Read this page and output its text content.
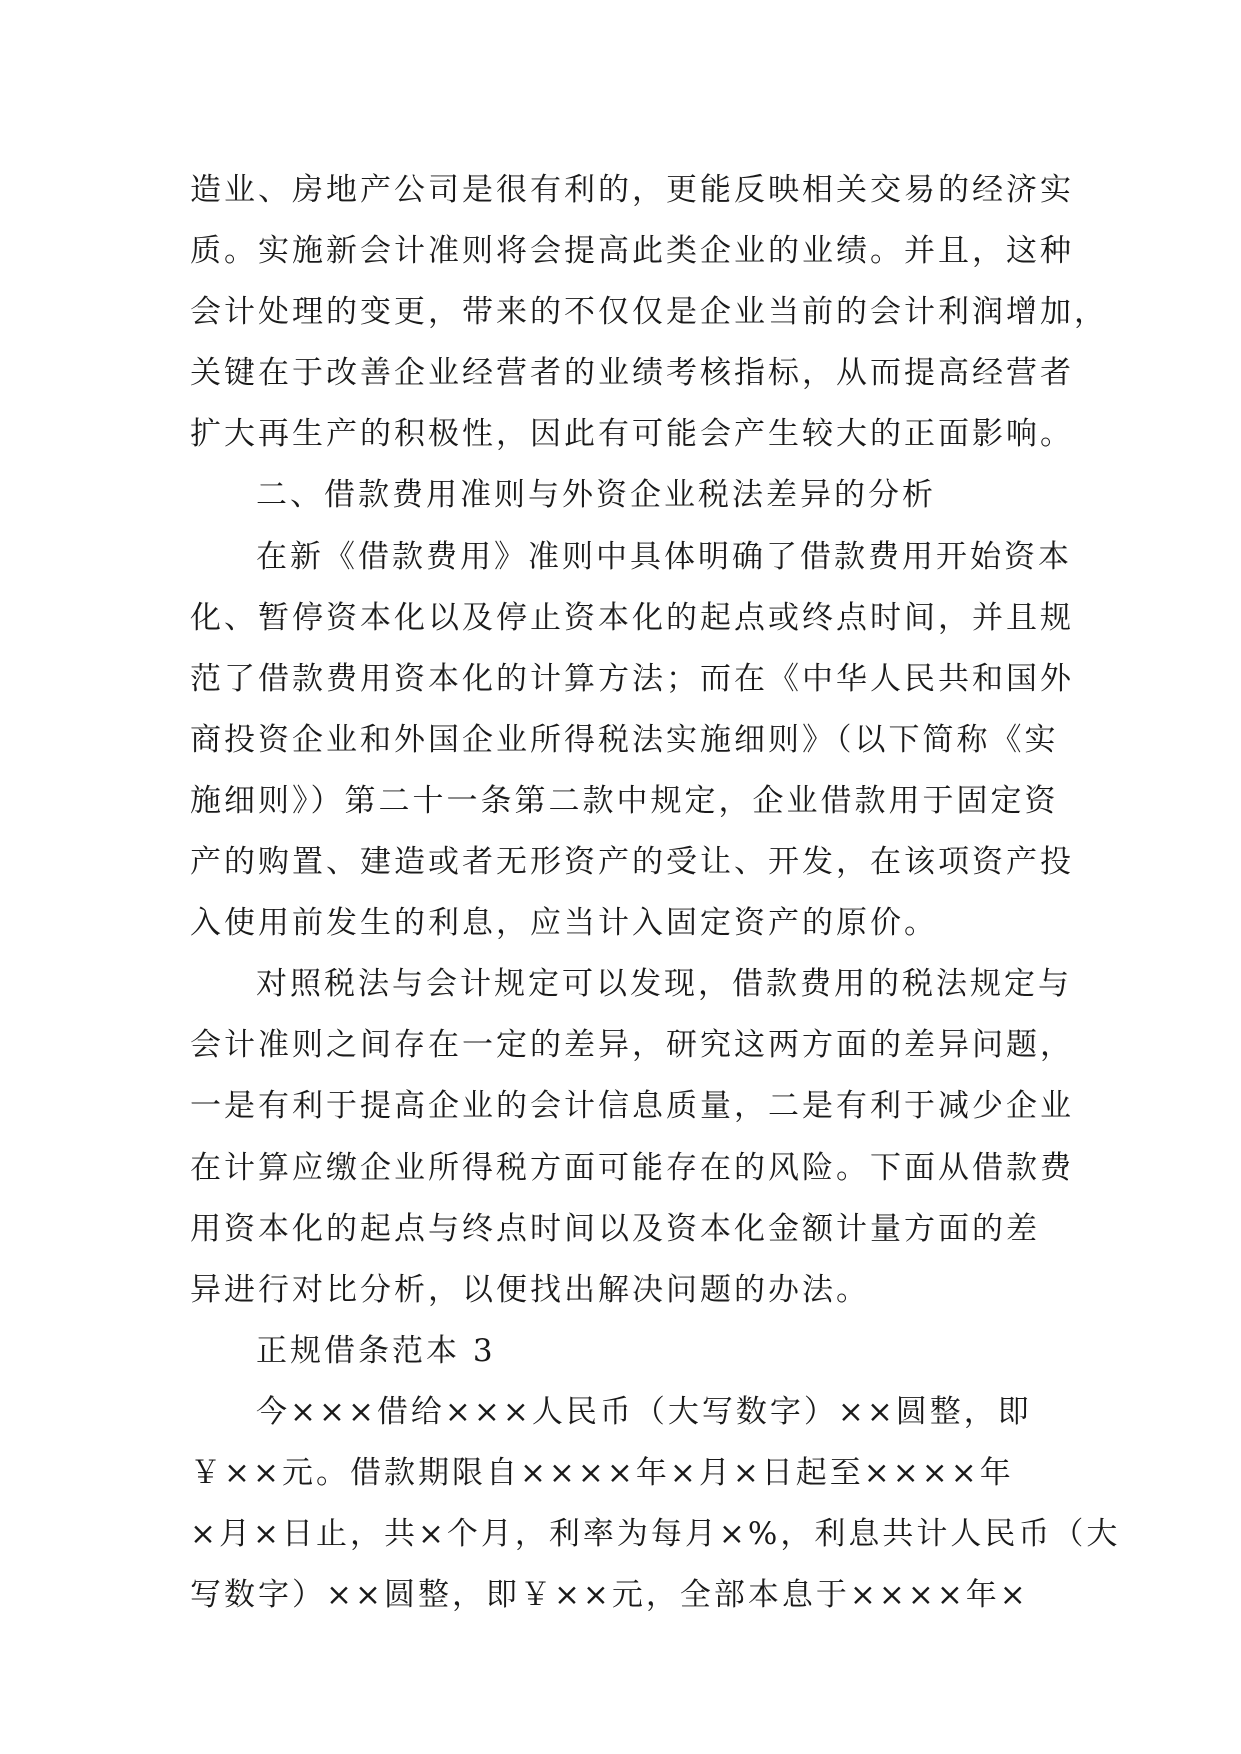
造业、房地产公司是很有利的，更能反映相关交易的经济实
质。实施新会计准则将会提高此类企业的业绩。并且，这种
会计处理的变更，带来的不仅仅是企业当前的会计利润增加，
关键在于改善企业经营者的业绩考核指标，从而提高经营者
扩大再生产的积极性，因此有可能会产生较大的正面影响。
二、借款费用准则与外资企业税法差异的分析
在新《借款费用》准则中具体明确了借款费用开始资本
化、暂停资本化以及停止资本化的起点或终点时间，并且规
范了借款费用资本化的计算方法；而在《中华人民共和国外
商投资企业和外国企业所得税法实施细则》（以下简称《实
施细则》）第二十一条第二款中规定，企业借款用于固定资
产的购置、建造或者无形资产的受让、开发，在该项资产投
入使用前发生的利息，应当计入固定资产的原价。
对照税法与会计规定可以发现，借款费用的税法规定与
会计准则之间存在一定的差异，研究这两方面的差异问题，
一是有利于提高企业的会计信息质量，二是有利于减少企业
在计算应缴企业所得税方面可能存在的风险。下面从借款费
用资本化的起点与终点时间以及资本化金额计量方面的差
异进行对比分析，以便找出解决问题的办法。
正规借条范本 3
今×××借给×××人民币（大写数字）××圆整，即
￥××元。借款期限自××××年×月×日起至××××年
×月×日止，共×个月，利率为每月×%，利息共计人民币（大
写数字）××圆整，即￥××元，全部本息于××××年×
